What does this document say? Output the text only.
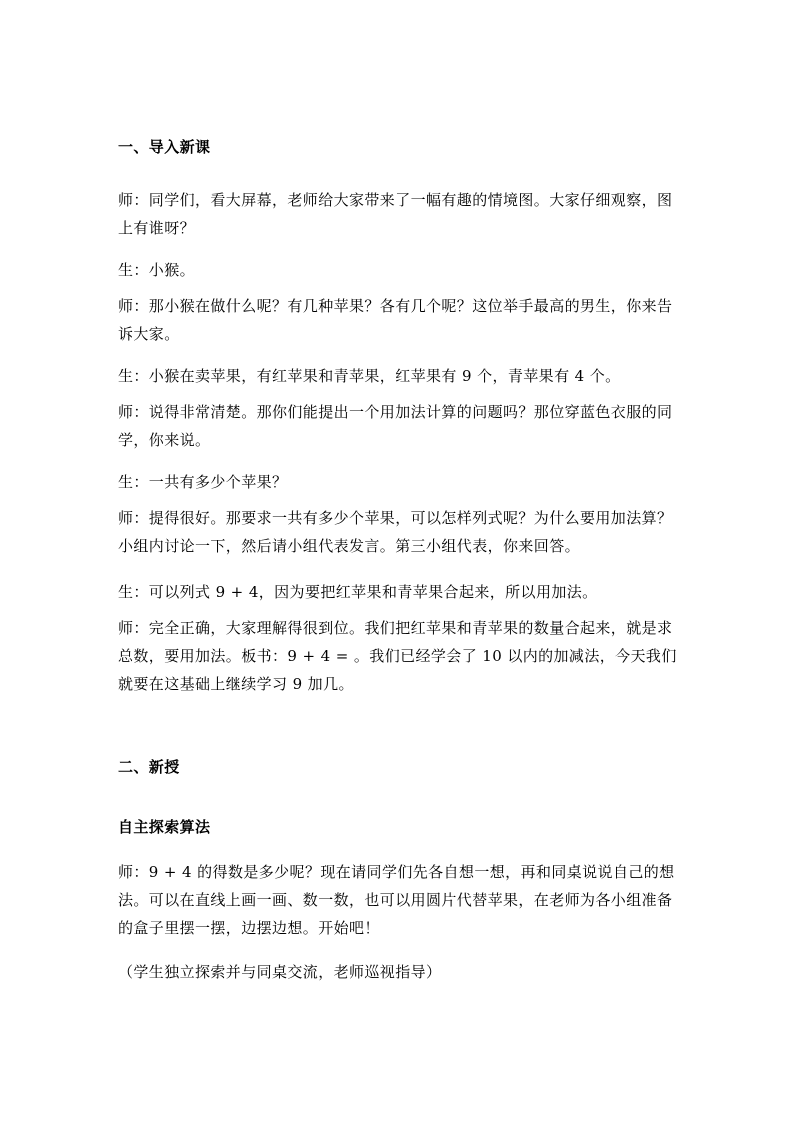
一、导入新课
师：同学们，看大屏幕，老师给大家带来了一幅有趣的情境图。大家仔细观察，图上有谁呀？
生：小猴。
师：那小猴在做什么呢？有几种苹果？各有几个呢？这位举手最高的男生，你来告诉大家。
生：小猴在卖苹果，有红苹果和青苹果，红苹果有 9 个，青苹果有 4 个。
师：说得非常清楚。那你们能提出一个用加法计算的问题吗？那位穿蓝色衣服的同学，你来说。
生：一共有多少个苹果？
师：提得很好。那要求一共有多少个苹果，可以怎样列式呢？为什么要用加法算？小组内讨论一下，然后请小组代表发言。第三小组代表，你来回答。
生：可以列式 9 + 4，因为要把红苹果和青苹果合起来，所以用加法。
师：完全正确，大家理解得很到位。我们把红苹果和青苹果的数量合起来，就是求总数，要用加法。板书：9 + 4 = 。我们已经学会了 10 以内的加减法，今天我们就要在这基础上继续学习 9 加几。
二、新授
自主探索算法
师：9 + 4 的得数是多少呢？现在请同学们先各自想一想，再和同桌说说自己的想法。可以在直线上画一画、数一数，也可以用圆片代替苹果，在老师为各小组准备的盒子里摆一摆，边摆边想。开始吧！
（学生独立探索并与同桌交流，老师巡视指导）
